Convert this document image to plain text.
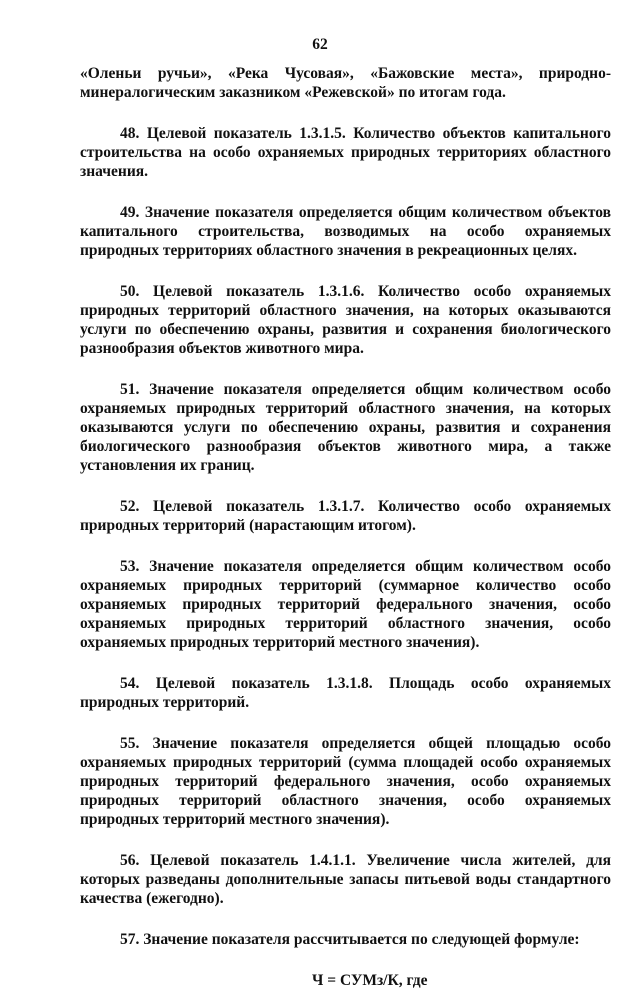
62

«Оленьи ручьи», «Река Чусовая», «Бажовские места», природно-минералогическим заказником «Режевской» по итогам года.

48. Целевой показатель 1.3.1.5. Количество объектов капитального строительства на особо охраняемых природных территориях областного значения.

49. Значение показателя определяется общим количеством объектов капитального строительства, возводимых на особо охраняемых природных территориях областного значения в рекреационных целях.

50. Целевой показатель 1.3.1.6. Количество особо охраняемых природных территорий областного значения, на которых оказываются услуги по обеспечению охраны, развития и сохранения биологического разнообразия объектов животного мира.

51. Значение показателя определяется общим количеством особо охраняемых природных территорий областного значения, на которых оказываются услуги по обеспечению охраны, развития и сохранения биологического разнообразия объектов животного мира, а также установления их границ.

52. Целевой показатель 1.3.1.7. Количество особо охраняемых природных территорий (нарастающим итогом).

53. Значение показателя определяется общим количеством особо охраняемых природных территорий (суммарное количество особо охраняемых природных территорий федерального значения, особо охраняемых природных территорий областного значения, особо охраняемых природных территорий местного значения).

54. Целевой показатель 1.3.1.8. Площадь особо охраняемых природных территорий.

55. Значение показателя определяется общей площадью особо охраняемых природных территорий (сумма площадей особо охраняемых природных территорий федерального значения, особо охраняемых природных территорий областного значения, особо охраняемых природных территорий местного значения).

56. Целевой показатель 1.4.1.1. Увеличение числа жителей, для которых разведаны дополнительные запасы питьевой воды стандартного качества (ежегодно).

57. Значение показателя рассчитывается по следующей формуле:

Ч = СУМз/К, где
